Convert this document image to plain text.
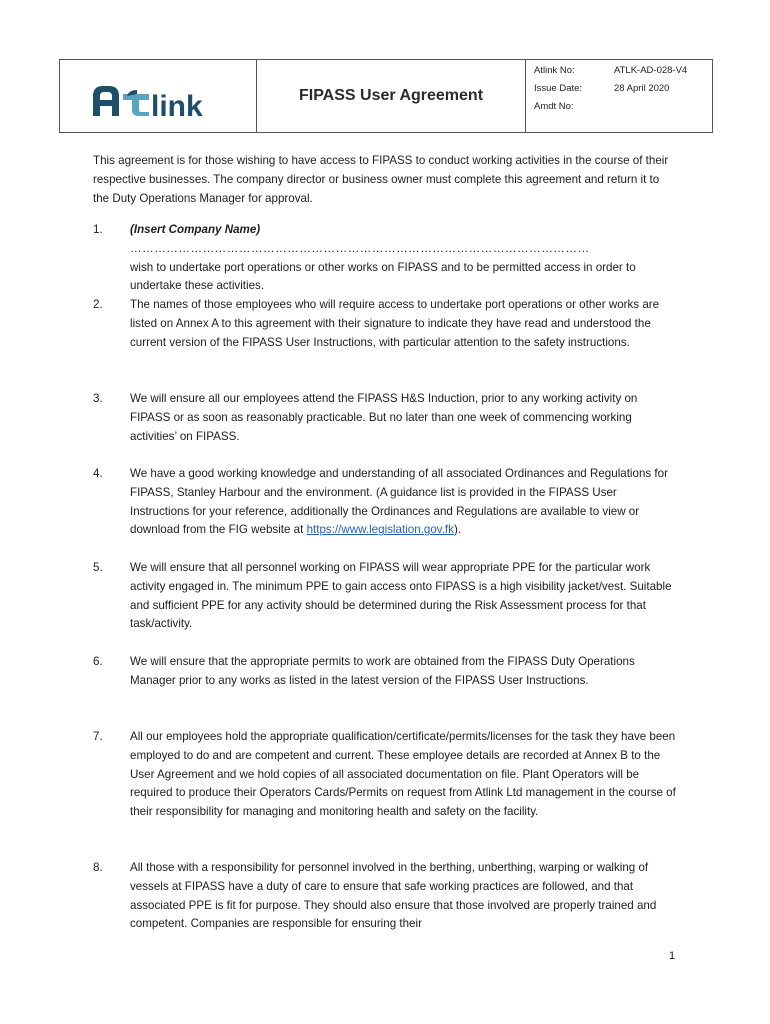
link	FIPASS User Agreement
Atlink No:	ATLK-AD-028-V4
Issue Date:	28 April 2020
Amdt No:
This agreement is for those wishing to have access to FIPASS to conduct working activities in the course of their respective businesses. The company director or business owner must complete this agreement and return it to the Duty Operations Manager for approval.
1.	(Insert Company Name) ……………………………………………………………………………………………………
wish to undertake port operations or other works on FIPASS and to be permitted access in order to undertake these activities.
2.	The names of those employees who will require access to undertake port operations or other works are listed on Annex A to this agreement with their signature to indicate they have read and understood the current version of the FIPASS User Instructions, with particular attention to the safety instructions.
3.	We will ensure all our employees attend the FIPASS H&S Induction, prior to any working activity on FIPASS or as soon as reasonably practicable. But no later than one week of commencing working activities’ on FIPASS.
4.	We have a good working knowledge and understanding of all associated Ordinances and Regulations for FIPASS, Stanley Harbour and the environment. (A guidance list is provided in the FIPASS User Instructions for your reference, additionally the Ordinances and Regulations are available to view or download from the FIG website at https://www.legislation.gov.fk).
5.	We will ensure that all personnel working on FIPASS will wear appropriate PPE for the particular work activity engaged in. The minimum PPE to gain access onto FIPASS is a high visibility jacket/vest. Suitable and sufficient PPE for any activity should be determined during the Risk Assessment process for that task/activity.
6.	We will ensure that the appropriate permits to work are obtained from the FIPASS Duty Operations Manager prior to any works as listed in the latest version of the FIPASS User Instructions.
7.	All our employees hold the appropriate qualification/certificate/permits/licenses for the task they have been employed to do and are competent and current. These employee details are recorded at Annex B to the User Agreement and we hold copies of all associated documentation on file. Plant Operators will be required to produce their Operators Cards/Permits on request from Atlink Ltd management in the course of their responsibility for managing and monitoring health and safety on the facility.
8.	All those with a responsibility for personnel involved in the berthing, unberthing, warping or walking of vessels at FIPASS have a duty of care to ensure that safe working practices are followed, and that associated PPE is fit for purpose. They should also ensure that those involved are properly trained and competent. Companies are responsible for ensuring their
1
